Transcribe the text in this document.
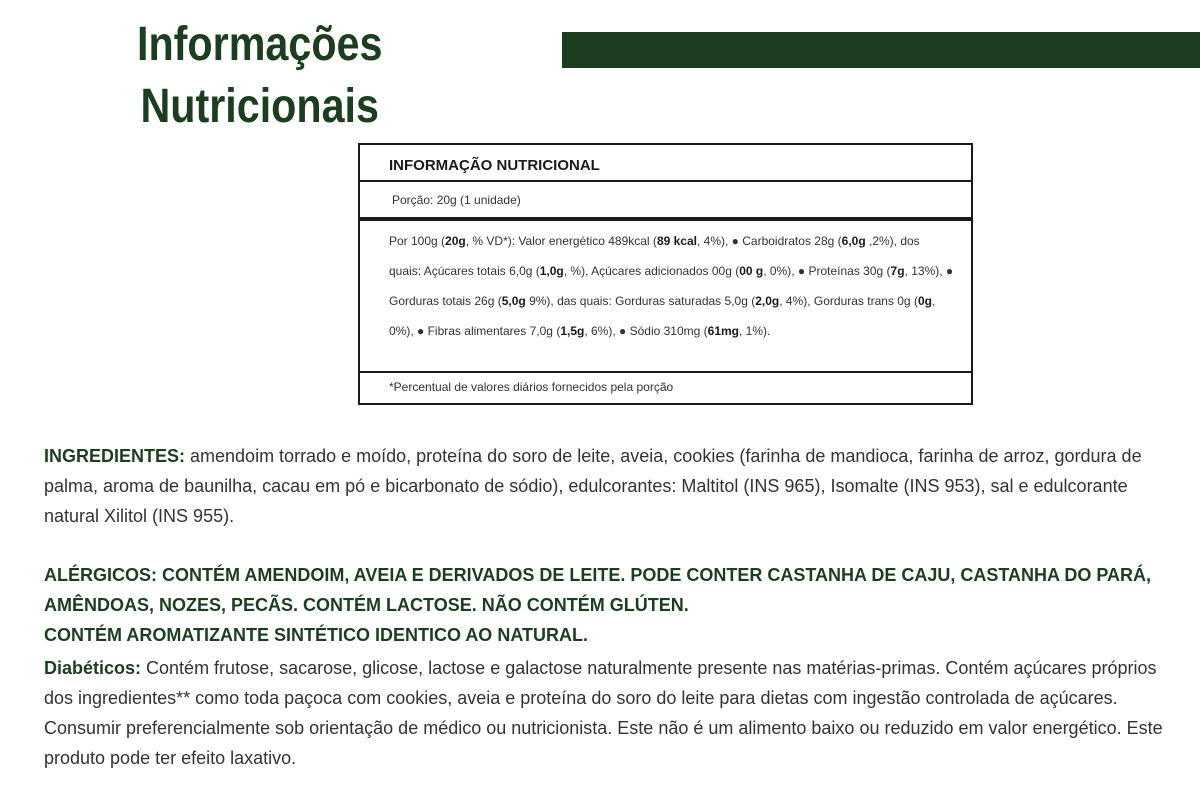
Informações
Nutricionais
INFORMAÇÃO NUTRICIONAL
Porção: 20g (1 unidade)
Por 100g (20g, % VD*): Valor energético 489kcal (89 kcal, 4%), ● Carboidratos 28g (6,0g ,2%), dos quais: Açúcares totais 6,0g (1,0g, %), Açúcares adicionados 00g (00 g, 0%), ● Proteínas 30g (7g, 13%), ● Gorduras totais 26g (5,0g 9%), das quais: Gorduras saturadas 5,0g (2,0g, 4%), Gorduras trans 0g (0g, 0%), ● Fibras alimentares 7,0g (1,5g, 6%), ● Sódio 310mg (61mg, 1%).
*Percentual de valores diários fornecidos pela porção
INGREDIENTES: amendoim torrado e moído, proteína do soro de leite, aveia, cookies (farinha de mandioca, farinha de arroz, gordura de palma, aroma de baunilha, cacau em pó e bicarbonato de sódio), edulcorantes: Maltitol (INS 965), Isomalte (INS 953), sal e edulcorante natural Xilitol (INS 955).
ALÉRGICOS: CONTÉM AMENDOIM, AVEIA E DERIVADOS DE LEITE. PODE CONTER CASTANHA DE CAJU, CASTANHA DO PARÁ, AMÊNDOAS, NOZES, PECÃS. CONTÉM LACTOSE. NÃO CONTÉM GLÚTEN.
CONTÉM AROMATIZANTE SINTÉTICO IDENTICO AO NATURAL.
Diabéticos: Contém frutose, sacarose, glicose, lactose e galactose naturalmente presente nas matérias-primas. Contém açúcares próprios dos ingredientes** como toda paçoca com cookies, aveia e proteína do soro do leite para dietas com ingestão controlada de açúcares. Consumir preferencialmente sob orientação de médico ou nutricionista. Este não é um alimento baixo ou reduzido em valor energético. Este produto pode ter efeito laxativo.
